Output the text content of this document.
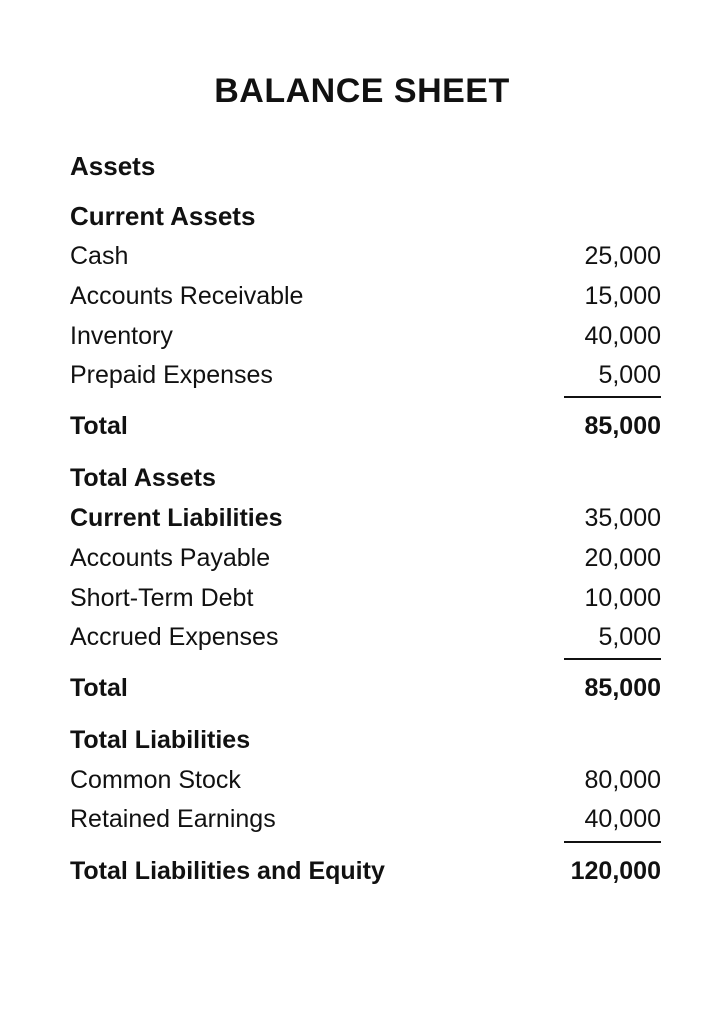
BALANCE SHEET
Assets
Current Assets
Cash	25,000
Accounts Receivable	15,000
Inventory	40,000
Prepaid Expenses	5,000
Total	85,000
Total Assets
Current Liabilities	35,000
Accounts Payable	20,000
Short-Term Debt	10,000
Accrued Expenses	5,000
Total	85,000
Total Liabilities
Common Stock	80,000
Retained Earnings	40,000
Total Liabilities and Equity	120,000
